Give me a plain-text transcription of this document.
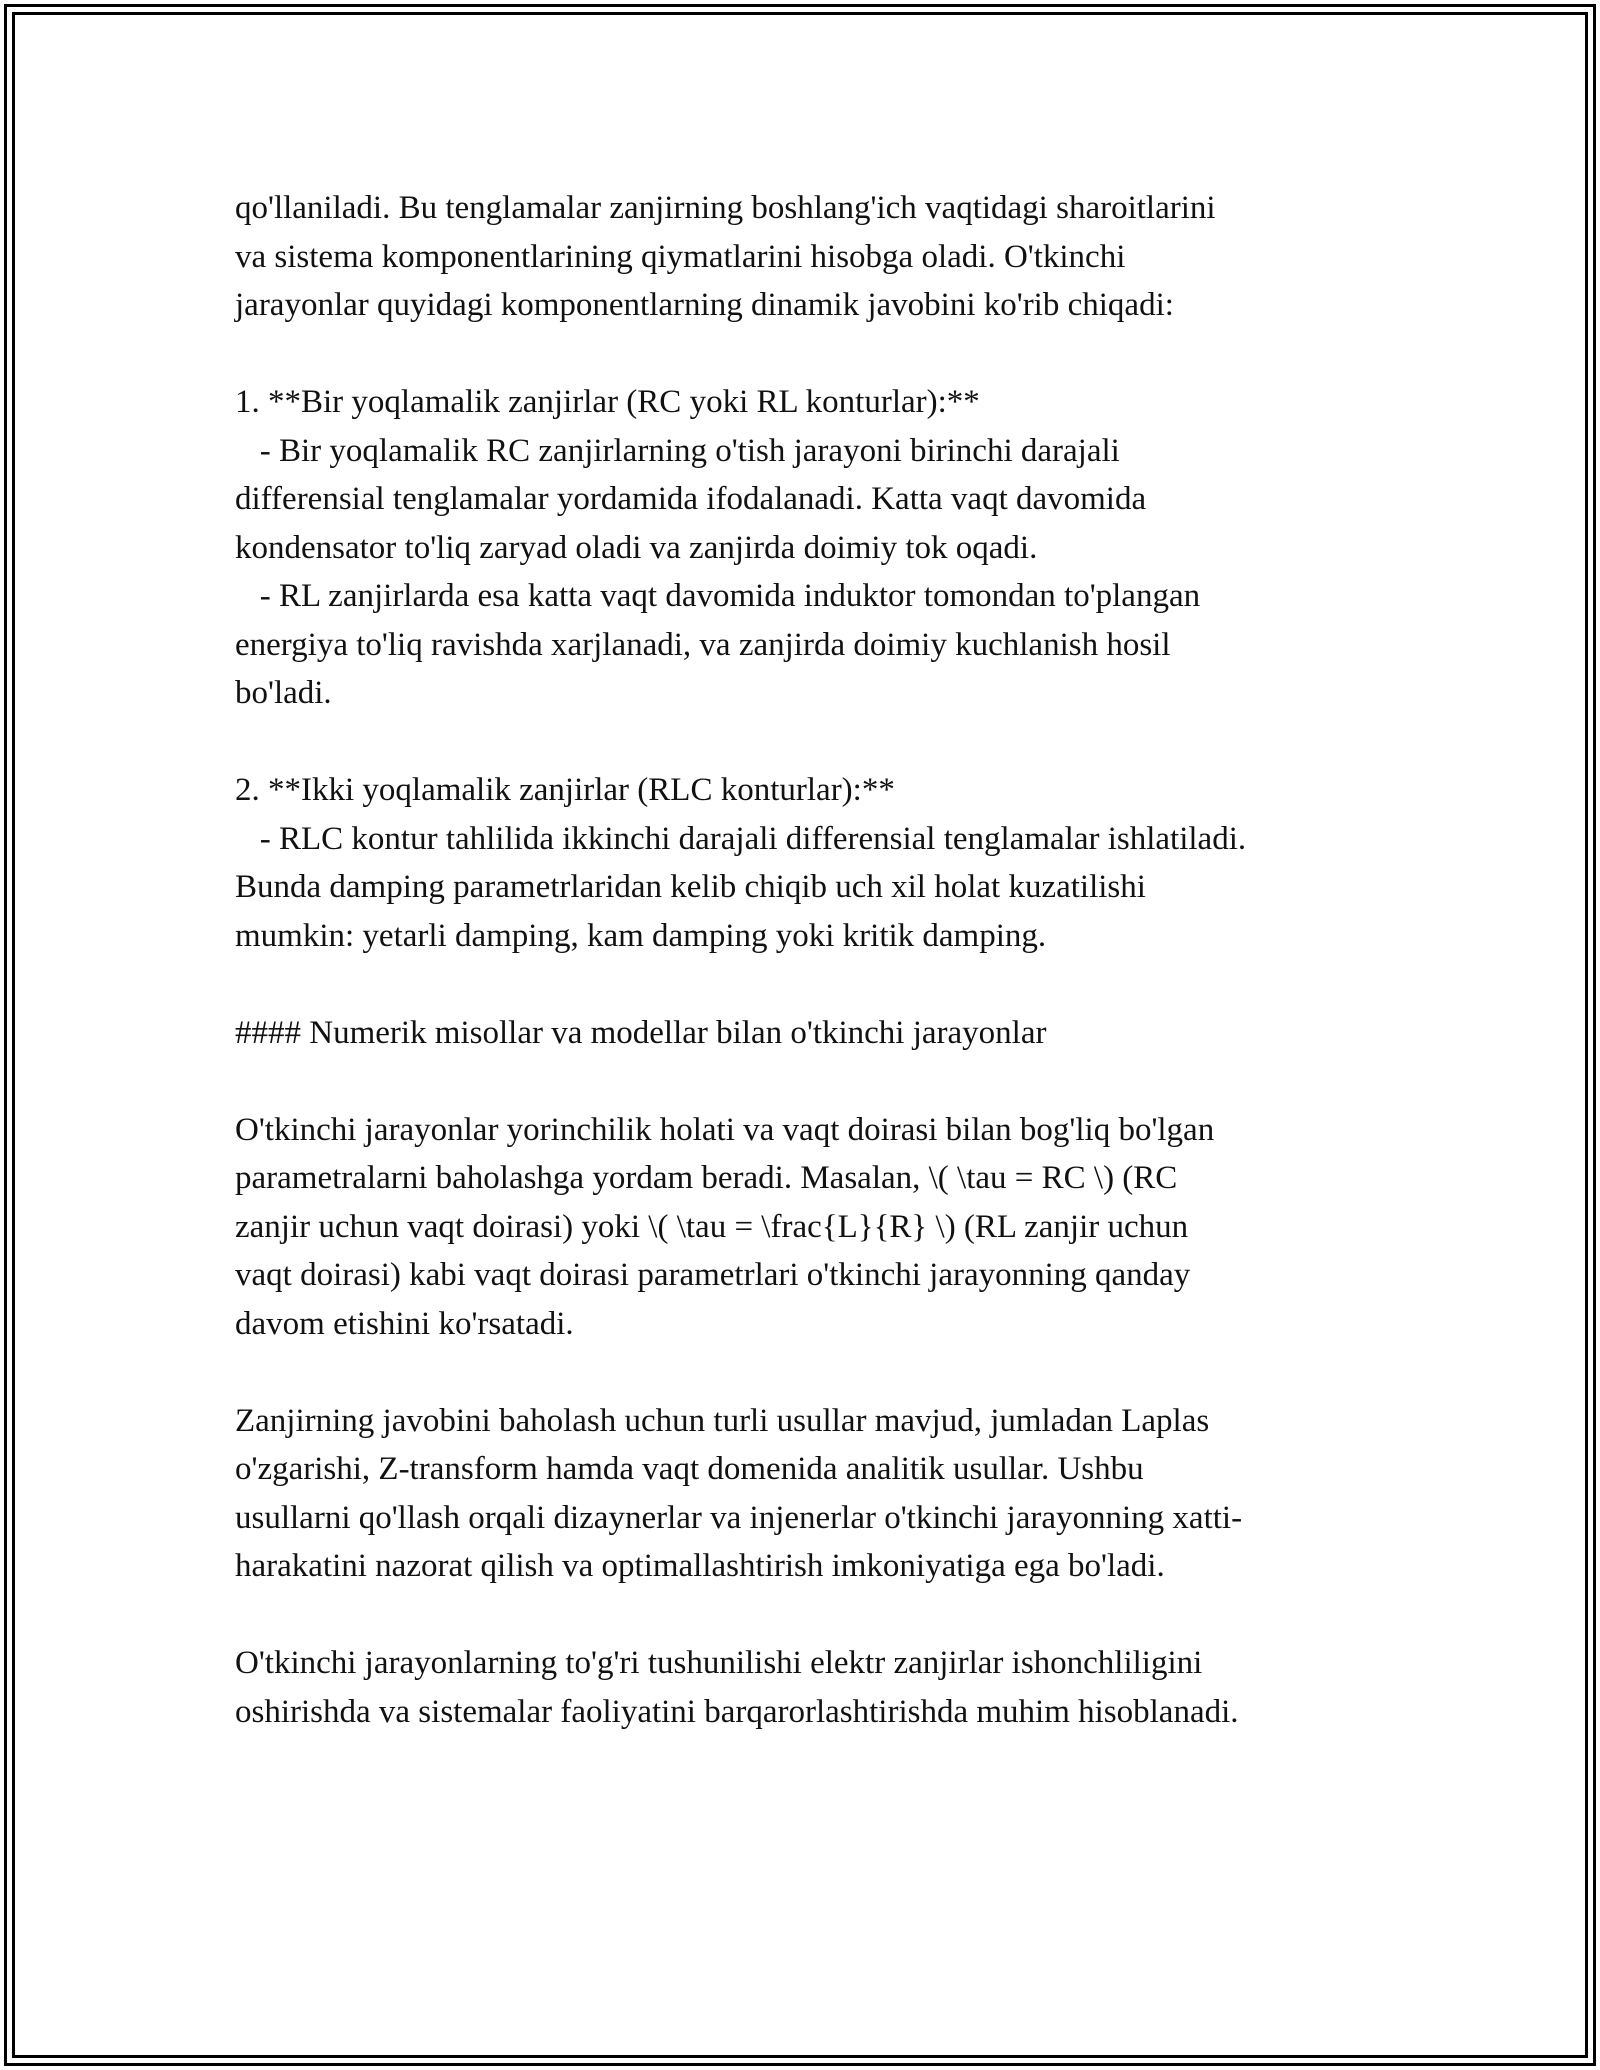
qo'llaniladi. Bu tenglamalar zanjirning boshlang'ich vaqtidagi sharoitlarini
va sistema komponentlarining qiymatlarini hisobga oladi. O'tkinchi
jarayonlar quyidagi komponentlarning dinamik javobini ko'rib chiqadi:
1. **Bir yoqlamalik zanjirlar (RC yoki RL konturlar):**
- Bir yoqlamalik RC zanjirlarning o'tish jarayoni birinchi darajali
differensial tenglamalar yordamida ifodalanadi. Katta vaqt davomida
kondensator to'liq zaryad oladi va zanjirda doimiy tok oqadi.
- RL zanjirlarda esa katta vaqt davomida induktor tomondan to'plangan
energiya to'liq ravishda xarjlanadi, va zanjirda doimiy kuchlanish hosil
bo'ladi.
2. **Ikki yoqlamalik zanjirlar (RLC konturlar):**
- RLC kontur tahlilida ikkinchi darajali differensial tenglamalar ishlatiladi.
Bunda damping parametrlaridan kelib chiqib uch xil holat kuzatilishi
mumkin: yetarli damping, kam damping yoki kritik damping.
#### Numerik misollar va modellar bilan o'tkinchi jarayonlar
O'tkinchi jarayonlar yorinchilik holati va vaqt doirasi bilan bog'liq bo'lgan
parametralarni baholashga yordam beradi. Masalan, \( \tau = RC \) (RC
zanjir uchun vaqt doirasi) yoki \( \tau = \frac{L}{R} \) (RL zanjir uchun
vaqt doirasi) kabi vaqt doirasi parametrlari o'tkinchi jarayonning qanday
davom etishini ko'rsatadi.
Zanjirning javobini baholash uchun turli usullar mavjud, jumladan Laplas
o'zgarishi, Z-transform hamda vaqt domenida analitik usullar. Ushbu
usullarni qo'llash orqali dizaynerlar va injenerlar o'tkinchi jarayonning xatti-
harakatini nazorat qilish va optimallashtirish imkoniyatiga ega bo'ladi.
O'tkinchi jarayonlarning to'g'ri tushunilishi elektr zanjirlar ishonchliligini
oshirishda va sistemalar faoliyatini barqarorlashtirishda muhim hisoblanadi.
